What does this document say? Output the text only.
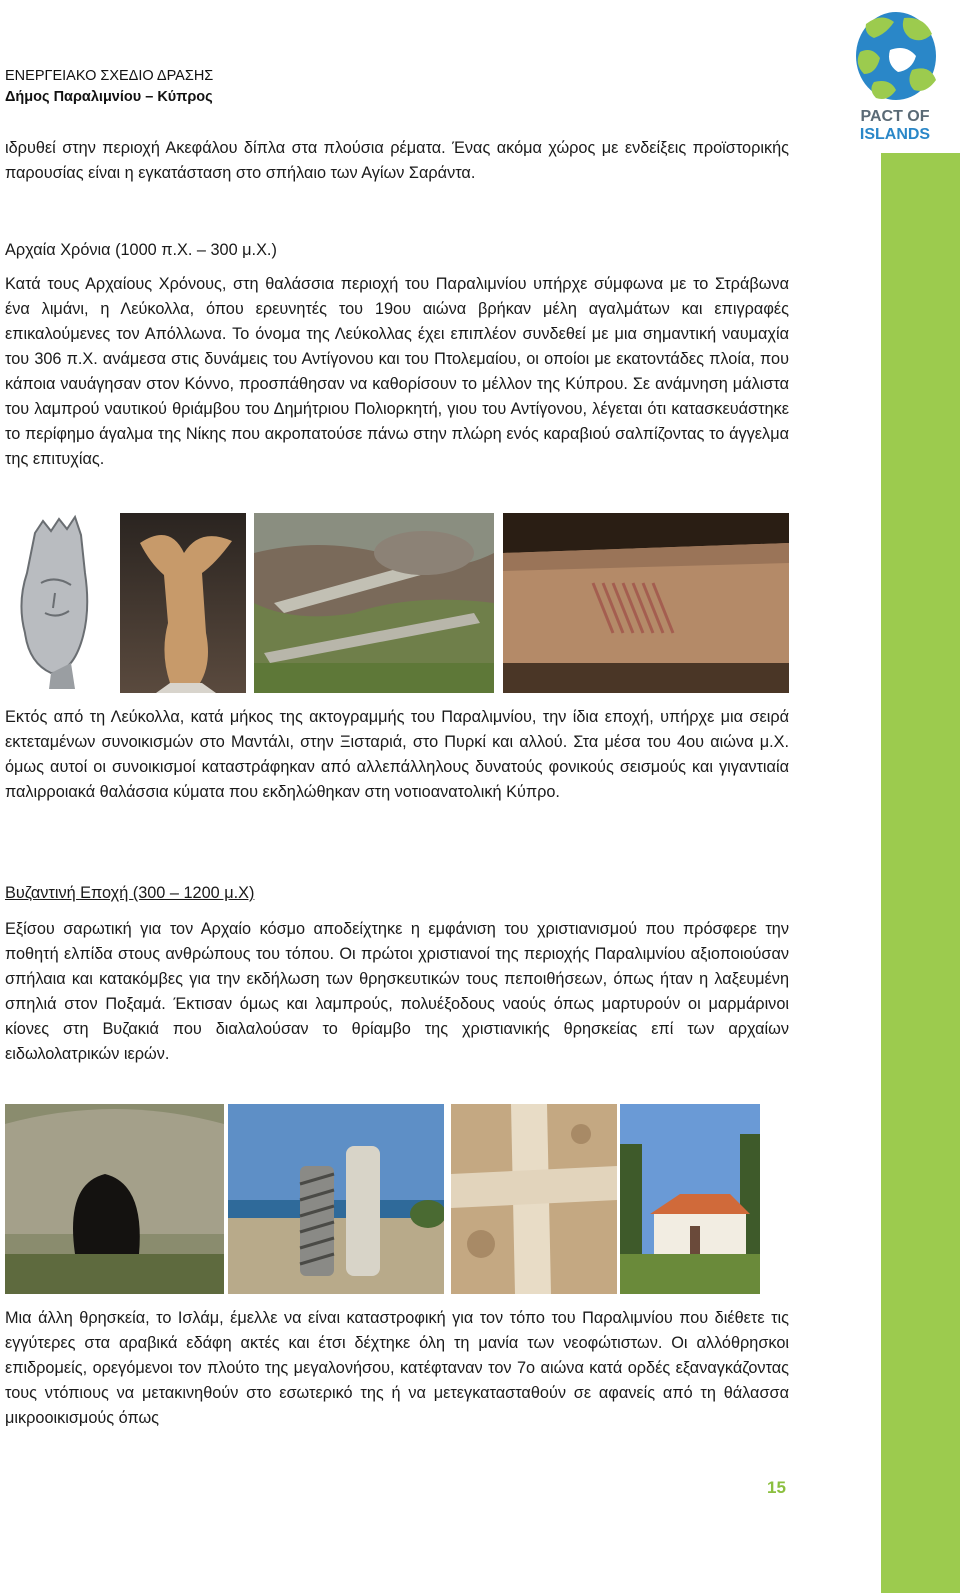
ΕΝΕΡΓΕΙΑΚΟ ΣΧΕΔΙΟ ΔΡΑΣΗΣ
Δήμος Παραλιμνίου – Κύπρος
PACT OF
ISLANDS

ιδρυθεί στην περιοχή Ακεφάλου δίπλα στα πλούσια ρέματα. Ένας ακόμα χώρος με ενδείξεις προϊστορικής παρουσίας είναι η εγκατάσταση στο σπήλαιο των Αγίων Σαράντα.

Αρχαία Χρόνια (1000 π.Χ. – 300 μ.Χ.)

Κατά τους Αρχαίους Χρόνους, στη θαλάσσια περιοχή του Παραλιμνίου υπήρχε σύμφωνα με το Στράβωνα ένα λιμάνι, η Λεύκολλα, όπου ερευνητές του 19ου αιώνα βρήκαν μέλη αγαλμάτων και επιγραφές επικαλούμενες τον Απόλλωνα. Το όνομα της Λεύκολλας έχει επιπλέον συνδεθεί με μια σημαντική ναυμαχία του 306 π.Χ. ανάμεσα στις δυνάμεις του Αντίγονου και του Πτολεμαίου, οι οποίοι με εκατοντάδες πλοία, που κάποια ναυάγησαν στον Κόννο, προσπάθησαν να καθορίσουν το μέλλον της Κύπρου. Σε ανάμνηση μάλιστα του λαμπρού ναυτικού θριάμβου του Δημήτριου Πολιορκητή, γιου του Αντίγονου, λέγεται ότι κατασκευάστηκε το περίφημο άγαλμα της Νίκης που ακροπατούσε πάνω στην πλώρη ενός καραβιού σαλπίζοντας το άγγελμα της επιτυχίας.

Εκτός από τη Λεύκολλα, κατά μήκος της ακτογραμμής του Παραλιμνίου, την ίδια εποχή, υπήρχε μια σειρά εκτεταμένων συνοικισμών στο Μαντάλι, στην Ξισταριά, στο Πυρκί και αλλού. Στα μέσα του 4ου αιώνα μ.Χ. όμως αυτοί οι συνοικισμοί καταστράφηκαν από αλλεπάλληλους δυνατούς φονικούς σεισμούς και γιγαντιαία παλιρροιακά θαλάσσια κύματα που εκδηλώθηκαν στη νοτιοανατολική Κύπρο.

Βυζαντινή Εποχή (300 – 1200 μ.Χ)

Εξίσου σαρωτική για τον Αρχαίο κόσμο αποδείχτηκε η εμφάνιση του χριστιανισμού που πρόσφερε την ποθητή ελπίδα στους ανθρώπους του τόπου. Οι πρώτοι χριστιανοί της περιοχής Παραλιμνίου αξιοποιούσαν σπήλαια και κατακόμβες για την εκδήλωση των θρησκευτικών τους πεποιθήσεων, όπως ήταν η λαξευμένη σπηλιά στον Ποξαμά. Έκτισαν όμως και λαμπρούς, πολυέξοδους ναούς όπως μαρτυρούν οι μαρμάρινοι κίονες στη Βυζακιά που διαλαλούσαν το θρίαμβο της χριστιανικής θρησκείας επί των αρχαίων ειδωλολατρικών ιερών.

Μια άλλη θρησκεία, το Ισλάμ, έμελλε να είναι καταστροφική για τον τόπο του Παραλιμνίου που διέθετε τις εγγύτερες στα αραβικά εδάφη ακτές και έτσι δέχτηκε όλη τη μανία των νεοφώτιστων. Οι αλλόθρησκοι επιδρομείς, ορεγόμενοι τον πλούτο της μεγαλονήσου, κατέφταναν τον 7ο αιώνα κατά ορδές εξαναγκάζοντας τους ντόπιους να μετακινηθούν στο εσωτερικό της ή να μετεγκατασταθούν σε αφανείς από τη θάλασσα μικροοικισμούς όπως

15
